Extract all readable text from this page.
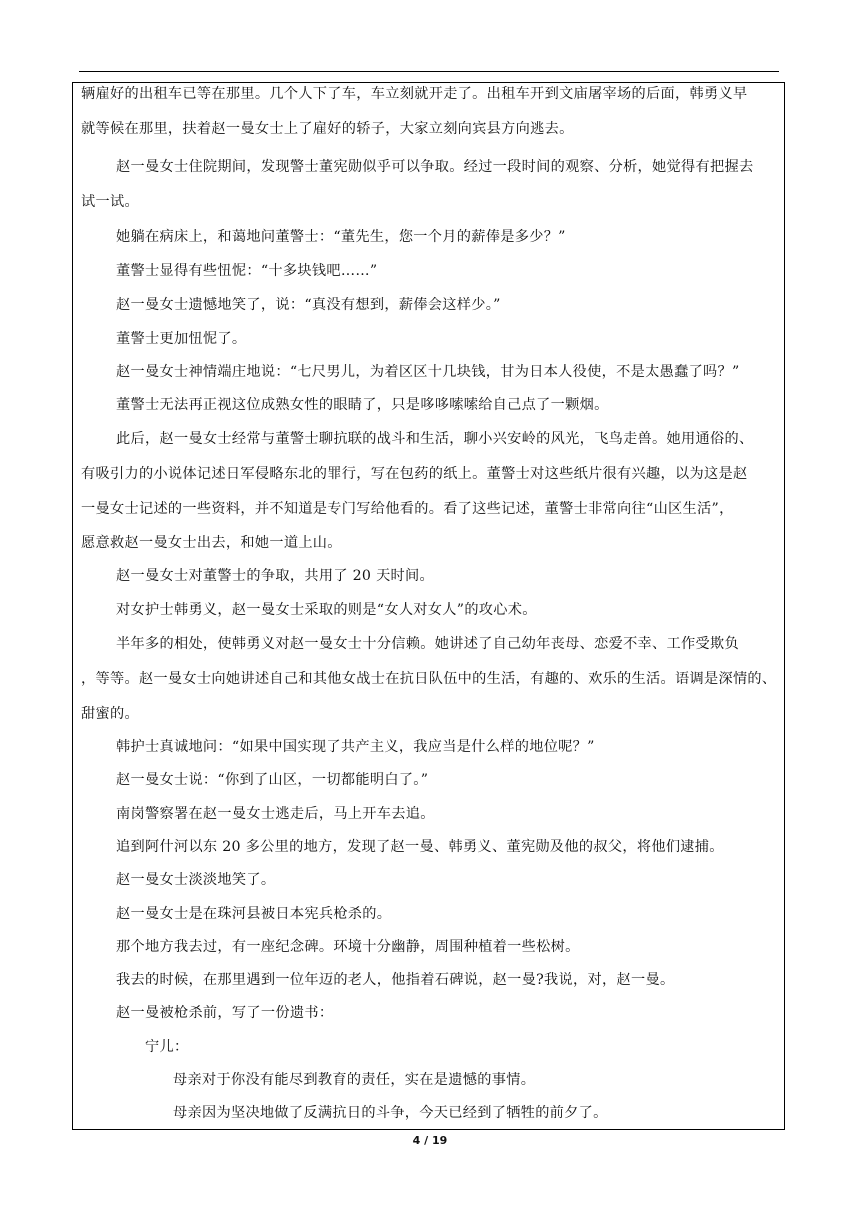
辆雇好的出租车已等在那里。几个人下了车，车立刻就开走了。出租车开到文庙屠宰场的后面，韩勇义早
就等候在那里，扶着赵一曼女士上了雇好的轿子，大家立刻向宾县方向逃去。
赵一曼女士住院期间，发现警士董宪勋似乎可以争取。经过一段时间的观察、分析，她觉得有把握去
试一试。
她躺在病床上，和蔼地问董警士：“董先生，您一个月的薪俸是多少？”
董警士显得有些忸怩：“十多块钱吧……”
赵一曼女士遗憾地笑了，说：“真没有想到，薪俸会这样少。”
董警士更加忸怩了。
赵一曼女士神情端庄地说：“七尺男儿，为着区区十几块钱，甘为日本人役使，不是太愚蠢了吗？”
董警士无法再正视这位成熟女性的眼睛了，只是哆哆嗦嗦给自己点了一颗烟。
此后，赵一曼女士经常与董警士聊抗联的战斗和生活，聊小兴安岭的风光，飞鸟走兽。她用通俗的、
有吸引力的小说体记述日军侵略东北的罪行，写在包药的纸上。董警士对这些纸片很有兴趣，以为这是赵
一曼女士记述的一些资料，并不知道是专门写给他看的。看了这些记述，董警士非常向往“山区生活”，
愿意救赵一曼女士出去，和她一道上山。
赵一曼女士对董警士的争取，共用了 20 天时间。
对女护士韩勇义，赵一曼女士采取的则是“女人对女人”的攻心术。
半年多的相处，使韩勇义对赵一曼女士十分信赖。她讲述了自己幼年丧母、恋爱不幸、工作受欺负
，等等。赵一曼女士向她讲述自己和其他女战士在抗日队伍中的生活，有趣的、欢乐的生活。语调是深情的、
甜蜜的。
韩护士真诚地问：“如果中国实现了共产主义，我应当是什么样的地位呢？”
赵一曼女士说：“你到了山区，一切都能明白了。”
南岗警察署在赵一曼女士逃走后，马上开车去追。
追到阿什河以东 20 多公里的地方，发现了赵一曼、韩勇义、董宪勋及他的叔父，将他们逮捕。
赵一曼女士淡淡地笑了。
赵一曼女士是在珠河县被日本宪兵枪杀的。
那个地方我去过，有一座纪念碑。环境十分幽静，周围种植着一些松树。
我去的时候，在那里遇到一位年迈的老人，他指着石碑说，赵一曼?我说，对，赵一曼。
赵一曼被枪杀前，写了一份遗书：
宁儿：
母亲对于你没有能尽到教育的责任，实在是遗憾的事情。
母亲因为坚决地做了反满抗日的斗争，今天已经到了牺牲的前夕了。
4 / 19
